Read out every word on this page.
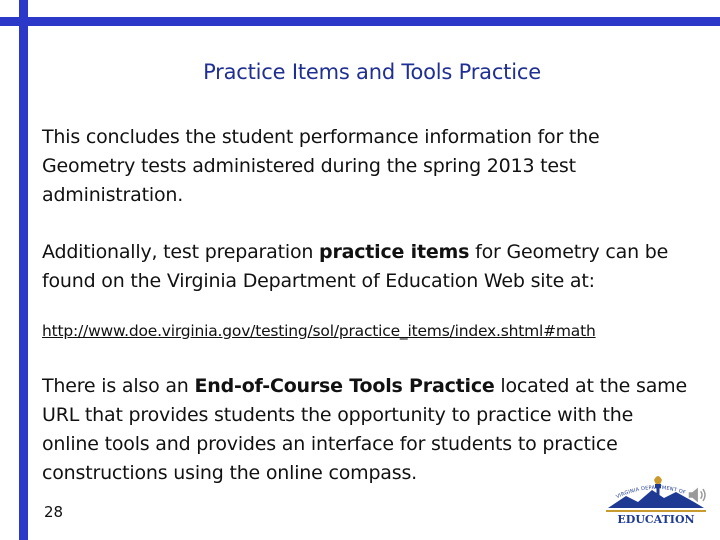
Practice Items and Tools Practice

This concludes the student performance information for the Geometry tests administered during the spring 2013 test administration.

Additionally, test preparation practice items for Geometry can be found on the Virginia Department of Education Web site at:

http://www.doe.virginia.gov/testing/sol/practice_items/index.shtml#math

There is also an End-of-Course Tools Practice located at the same URL that provides students the opportunity to practice with the online tools and provides an interface for students to practice constructions using the online compass.

28
VIRGINIA DEPARTMENT OF
EDUCATION
